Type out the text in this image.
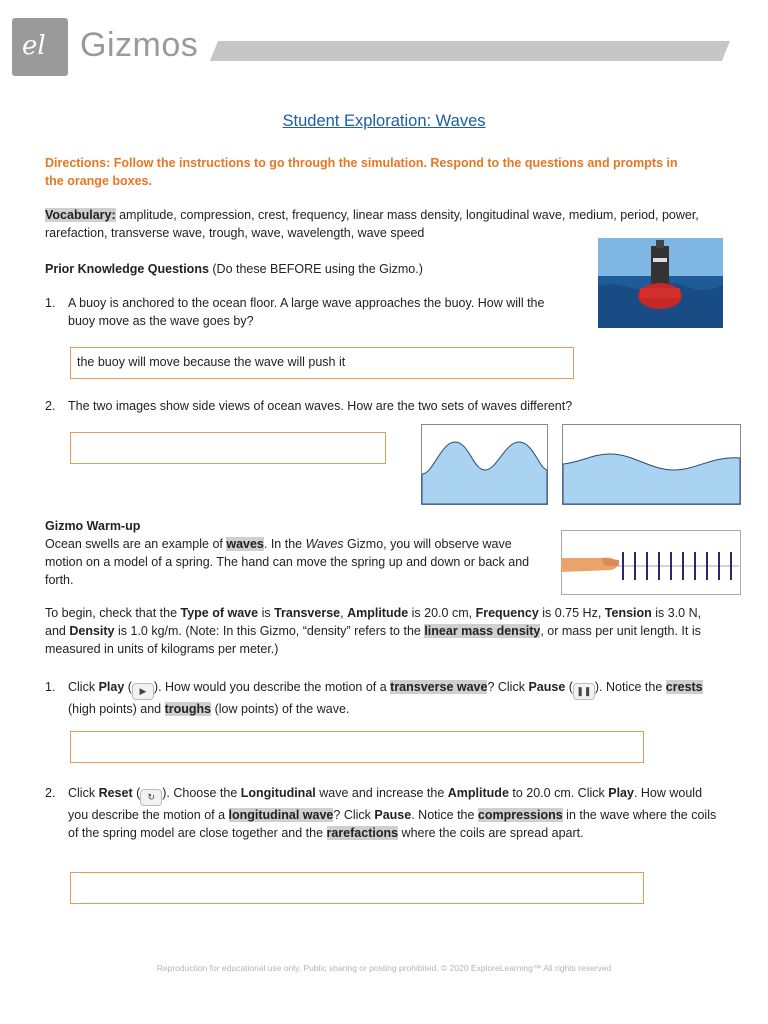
el Gizmos
Student Exploration: Waves
Directions: Follow the instructions to go through the simulation. Respond to the questions and prompts in the orange boxes.
Vocabulary: amplitude, compression, crest, frequency, linear mass density, longitudinal wave, medium, period, power, rarefaction, transverse wave, trough, wave, wavelength, wave speed
Prior Knowledge Questions (Do these BEFORE using the Gizmo.)
1. A buoy is anchored to the ocean floor. A large wave approaches the buoy. How will the buoy move as the wave goes by?
the buoy will move because the wave will push it
2. The two images show side views of ocean waves. How are the two sets of waves different?
Gizmo Warm-up
Ocean swells are an example of waves. In the Waves Gizmo, you will observe wave motion on a model of a spring. The hand can move the spring up and down or back and forth.
To begin, check that the Type of wave is Transverse, Amplitude is 20.0 cm, Frequency is 0.75 Hz, Tension is 3.0 N, and Density is 1.0 kg/m. (Note: In this Gizmo, “density” refers to the linear mass density, or mass per unit length. It is measured in units of kilograms per meter.)
1. Click Play ( ▶ ). How would you describe the motion of a transverse wave? Click Pause ( ❚❚ ). Notice the crests (high points) and troughs (low points) of the wave.
2. Click Reset ( ↻ ). Choose the Longitudinal wave and increase the Amplitude to 20.0 cm. Click Play. How would you describe the motion of a longitudinal wave? Click Pause. Notice the compressions in the wave where the coils of the spring model are close together and the rarefactions where the coils are spread apart.
Reproduction for educational use only. Public sharing or posting prohibited. © 2020 ExploreLearning™ All rights reserved
